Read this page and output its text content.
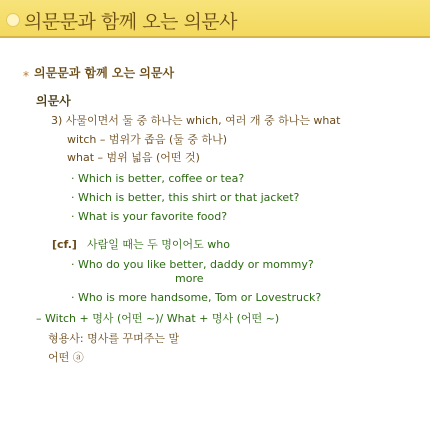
의문문과 함께 오는 의문사
* 의문문과 함께 오는 의문사
의문사
3) 사물이면서 둘 중 하나는 which, 여러 개 중 하나는 what
witch – 범위가 좁음 (둘 중 하나)
what – 범위 넓음 (어떤 것)
· Which is better, coffee or tea?
· Which is better, this shirt or that jacket?
· What is your favorite food?
[cf.] 사람일 때는 두 명이어도 who
· Who do you like better, daddy or mommy?
more
· Who is more handsome, Tom or Lovestruck?
– Witch + 명사 (어떤 ~)/ What + 명사 (어떤 ~)
형용사: 명사를 꾸며주는 말
어떤 ⓐ
